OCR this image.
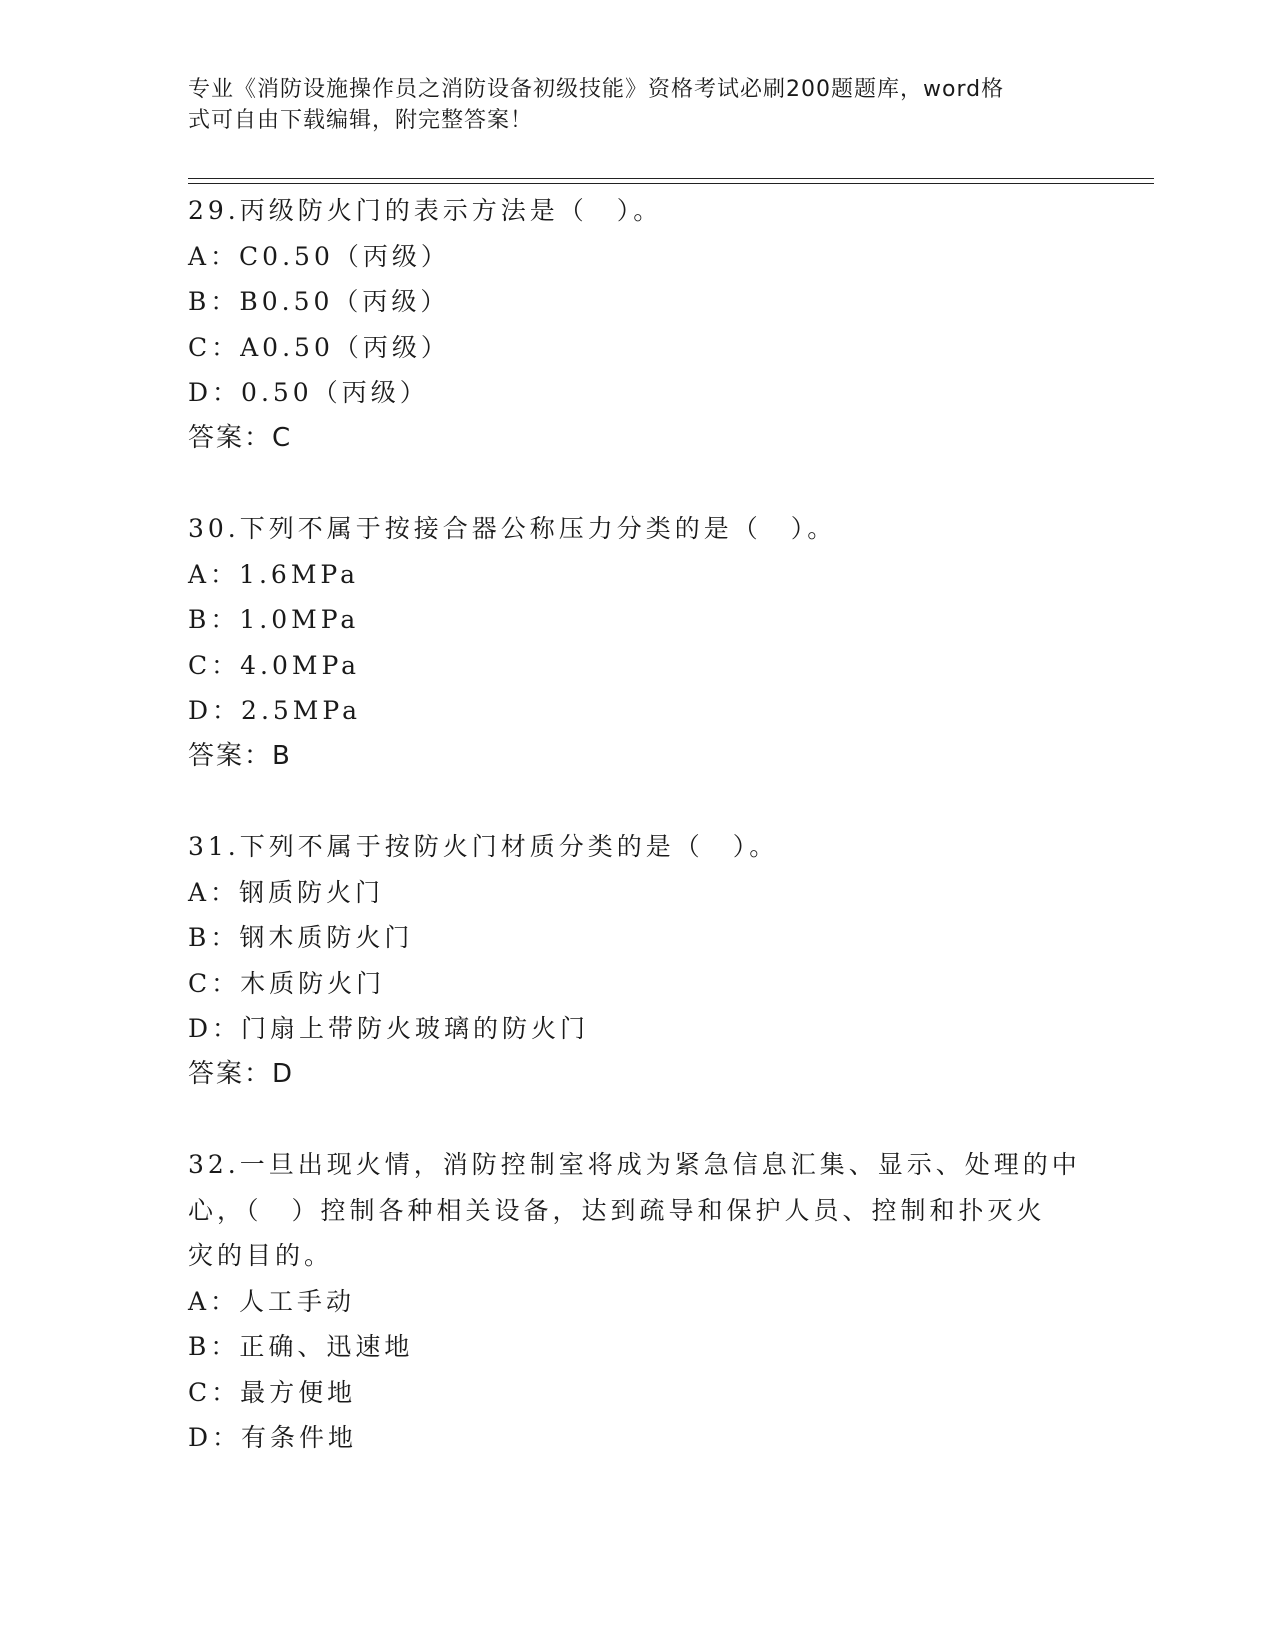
专业《消防设施操作员之消防设备初级技能》资格考试必刷200题题库，word格
式可自由下载编辑，附完整答案！
29.丙级防火门的表示方法是（　）。
A：C0.50（丙级）
B：B0.50（丙级）
C：A0.50（丙级）
D：0.50（丙级）
答案：C
30.下列不属于按接合器公称压力分类的是（　）。
A：1.6MPa
B：1.0MPa
C：4.0MPa
D：2.5MPa
答案：B
31.下列不属于按防火门材质分类的是（　）。
A：钢质防火门
B：钢木质防火门
C：木质防火门
D：门扇上带防火玻璃的防火门
答案：D
32.一旦出现火情，消防控制室将成为紧急信息汇集、显示、处理的中
心，（　）控制各种相关设备，达到疏导和保护人员、控制和扑灭火
灾的目的。
A：人工手动
B：正确、迅速地
C：最方便地
D：有条件地
